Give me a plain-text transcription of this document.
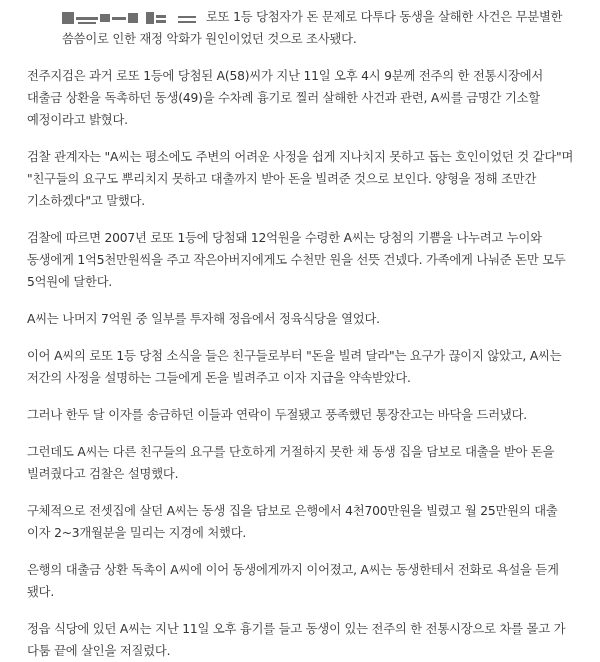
로또 1등 당첨자가 돈 문제로 다투다 동생을 살해한 사건은 무분별한 씀씀이로 인한 재정 악화가 원인이었던 것으로 조사됐다.

전주지검은 과거 로또 1등에 당첨된 A(58)씨가 지난 11일 오후 4시 9분께 전주의 한 전통시장에서 대출금 상환을 독촉하던 동생(49)을 수차례 흉기로 찔러 살해한 사건과 관련, A씨를 금명간 기소할 예정이라고 밝혔다.

검찰 관계자는 "A씨는 평소에도 주변의 어려운 사정을 쉽게 지나치지 못하고 돕는 호인이었던 것 같다"며 "친구들의 요구도 뿌리치지 못하고 대출까지 받아 돈을 빌려준 것으로 보인다. 양형을 정해 조만간 기소하겠다"고 말했다.

검찰에 따르면 2007년 로또 1등에 당첨돼 12억원을 수령한 A씨는 당첨의 기쁨을 나누려고 누이와 동생에게 1억5천만원씩을 주고 작은아버지에게도 수천만 원을 선뜻 건넸다. 가족에게 나눠준 돈만 모두 5억원에 달한다.

A씨는 나머지 7억원 중 일부를 투자해 정읍에서 정육식당을 열었다.

이어 A씨의 로또 1등 당첨 소식을 들은 친구들로부터 "돈을 빌려 달라"는 요구가 끊이지 않았고, A씨는 저간의 사정을 설명하는 그들에게 돈을 빌려주고 이자 지급을 약속받았다.

그러나 한두 달 이자를 송금하던 이들과 연락이 두절됐고 풍족했던 통장잔고는 바닥을 드러냈다.

그런데도 A씨는 다른 친구들의 요구를 단호하게 거절하지 못한 채 동생 집을 담보로 대출을 받아 돈을 빌려줬다고 검찰은 설명했다.

구체적으로 전셋집에 살던 A씨는 동생 집을 담보로 은행에서 4천700만원을 빌렸고 월 25만원의 대출 이자 2~3개월분을 밀리는 지경에 처했다.

은행의 대출금 상환 독촉이 A씨에 이어 동생에게까지 이어졌고, A씨는 동생한테서 전화로 욕설을 듣게 됐다.

정읍 식당에 있던 A씨는 지난 11일 오후 흉기를 들고 동생이 있는 전주의 한 전통시장으로 차를 몰고 가 다툼 끝에 살인을 저질렀다.
